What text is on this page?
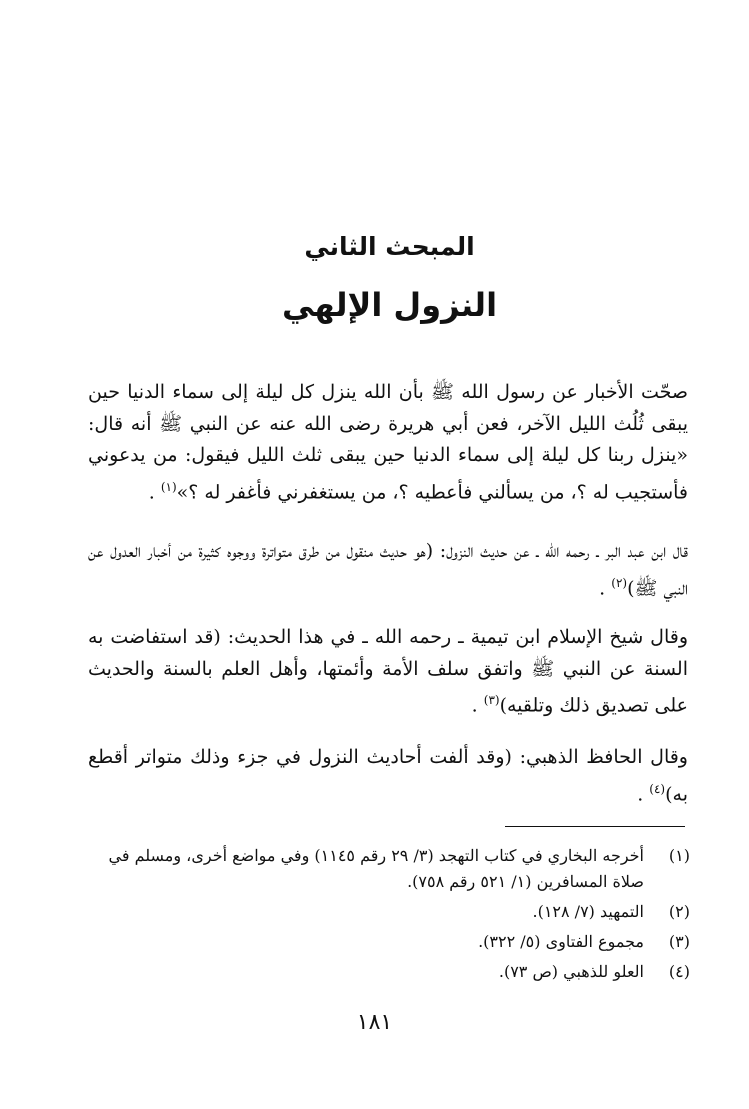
المبحث الثاني
النزول الإلهي

صحّت الأخبار عن رسول الله ﷺ بأن الله ينزل كل ليلة إلى سماء الدنيا حين يبقى ثُلُث الليل الآخر، فعن أبي هريرة رضى الله عنه عن النبي ﷺ أنه قال: «ينزل ربنا كل ليلة إلى سماء الدنيا حين يبقى ثلث الليل فيقول: من يدعوني فأستجيب له ؟، من يسألني فأعطيه ؟، من يستغفرني فأغفر له ؟»$^{(١)}$ .

قال ابن عبد البر ـ رحمه الله ـ عن حديث النزول: (هو حديث منقول من طرق متواترة ووجوه كثيرة من أخبار العدول عن النبي ﷺ)$^{(٢)}$ .

وقال شيخ الإسلام ابن تيمية ـ رحمه الله ـ في هذا الحديث: (قد استفاضت به السنة عن النبي ﷺ واتفق سلف الأمة وأئمتها، وأهل العلم بالسنة والحديث على تصديق ذلك وتلقيه)$^{(٣)}$ .

وقال الحافظ الذهبي: (وقد ألفت أحاديث النزول في جزء وذلك متواتر أقطع به)$^{(٤)}$ .

(١)
أخرجه البخاري في كتاب التهجد (٣/ ٢٩ رقم ١١٤٥) وفي مواضع أخرى، ومسلم في صلاة المسافرين (١/ ٥٢١ رقم ٧٥٨).
(٢)
التمهيد (٧/ ١٢٨).
(٣)
مجموع الفتاوى (٥/ ٣٢٢).
(٤)
العلو للذهبي (ص ٧٣).
١٨١
